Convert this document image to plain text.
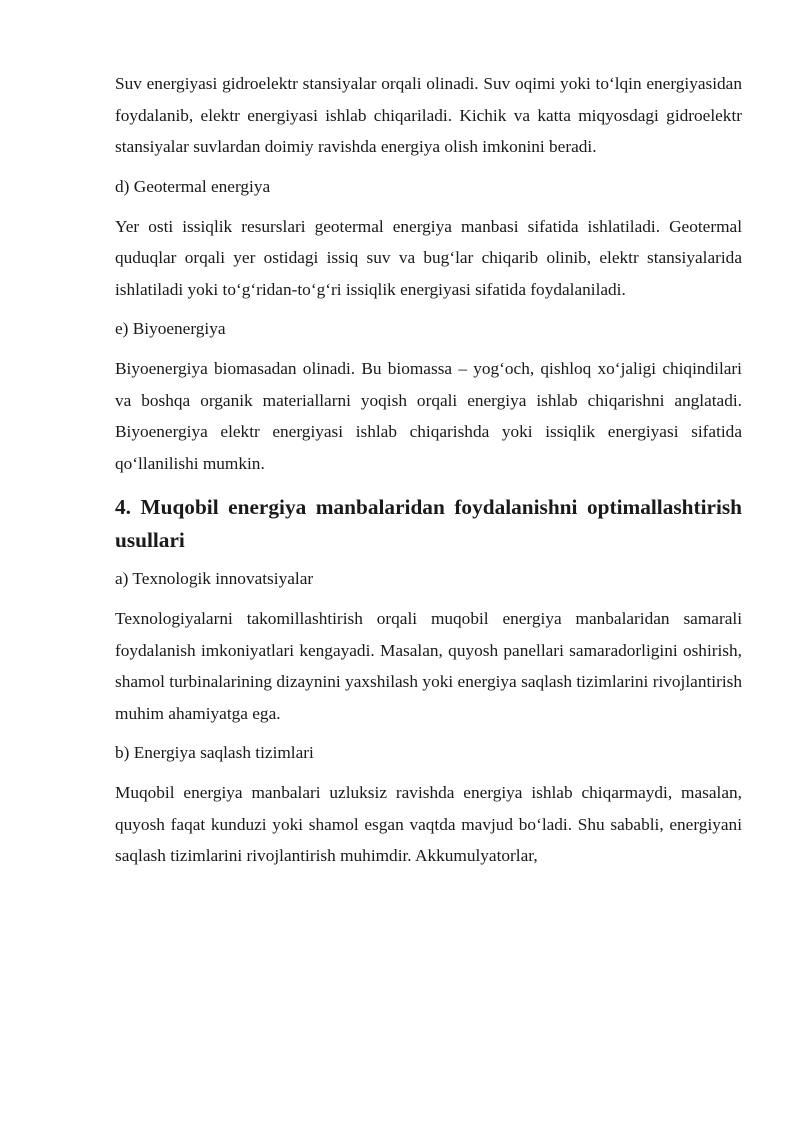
Suv energiyasi gidroelektr stansiyalar orqali olinadi. Suv oqimi yoki to‘lqin energiyasidan foydalanib, elektr energiyasi ishlab chiqariladi. Kichik va katta miqyosdagi gidroelektr stansiyalar suvlardan doimiy ravishda energiya olish imkonini beradi.

d) Geotermal energiya

Yer osti issiqlik resurslari geotermal energiya manbasi sifatida ishlatiladi. Geotermal quduqlar orqali yer ostidagi issiq suv va bug‘lar chiqarib olinib, elektr stansiyalarida ishlatiladi yoki to‘g‘ridan-to‘g‘ri issiqlik energiyasi sifatida foydalaniladi.

e) Biyoenergiya

Biyoenergiya biomasadan olinadi. Bu biomassa – yog‘och, qishloq xo‘jaligi chiqindilari va boshqa organik materiallarni yoqish orqali energiya ishlab chiqarishni anglatadi. Biyoenergiya elektr energiyasi ishlab chiqarishda yoki issiqlik energiyasi sifatida qo‘llanilishi mumkin.

4. Muqobil energiya manbalaridan foydalanishni optimallashtirish usullari

a) Texnologik innovatsiyalar

Texnologiyalarni takomillashtirish orqali muqobil energiya manbalaridan samarali foydalanish imkoniyatlari kengayadi. Masalan, quyosh panellari samaradorligini oshirish, shamol turbinalarining dizaynini yaxshilash yoki energiya saqlash tizimlarini rivojlantirish muhim ahamiyatga ega.

b) Energiya saqlash tizimlari

Muqobil energiya manbalari uzluksiz ravishda energiya ishlab chiqarmaydi, masalan, quyosh faqat kunduzi yoki shamol esgan vaqtda mavjud bo‘ladi. Shu sababli, energiyani saqlash tizimlarini rivojlantirish muhimdir. Akkumulyatorlar,
